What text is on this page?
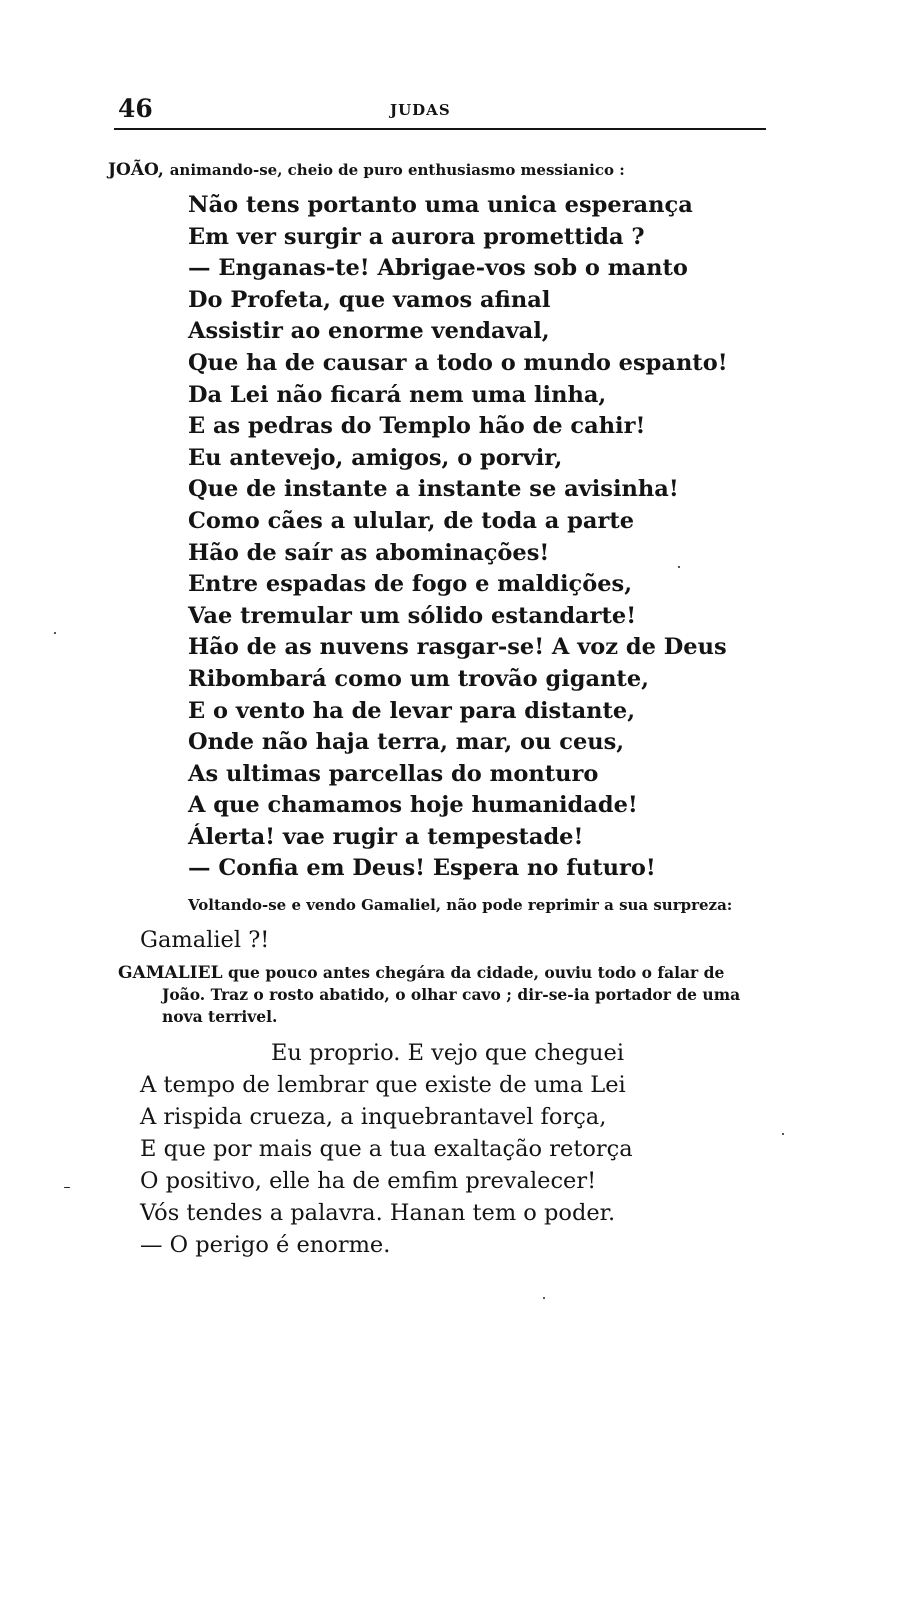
46	JUDAS
JOÃO, animando-se, cheio de puro enthusiasmo messianico :
Não tens portanto uma unica esperança
Em ver surgir a aurora promettida ?
— Enganas-te! Abrigae-vos sob o manto
Do Profeta, que vamos afinal
Assistir ao enorme vendaval,
Que ha de causar a todo o mundo espanto!
Da Lei não ficará nem uma linha,
E as pedras do Templo hão de cahir!
Eu antevejo, amigos, o porvir,
Que de instante a instante se avisinha!
Como cães a ulular, de toda a parte
Hão de saír as abominações!
Entre espadas de fogo e maldições,
Vae tremular um sólido estandarte!
Hão de as nuvens rasgar-se! A voz de Deus
Ribombará como um trovão gigante,
E o vento ha de levar para distante,
Onde não haja terra, mar, ou ceus,
As ultimas parcellas do monturo
A que chamamos hoje humanidade!
Álerta! vae rugir a tempestade!
— Confia em Deus! Espera no futuro!
Voltando-se e vendo Gamaliel, não pode reprimir a sua surpreza:
Gamaliel ?!
GAMALIEL que pouco antes chegára da cidade, ouviu todo o falar de
João. Traz o rosto abatido, o olhar cavo ; dir-se-ia portador de uma
nova terrivel.
Eu proprio. E vejo que cheguei
A tempo de lembrar que existe de uma Lei
A rispida crueza, a inquebrantavel força,
E que por mais que a tua exaltação retorça
O positivo, elle ha de emfim prevalecer!
Vós tendes a palavra. Hanan tem o poder.
— O perigo é enorme.
